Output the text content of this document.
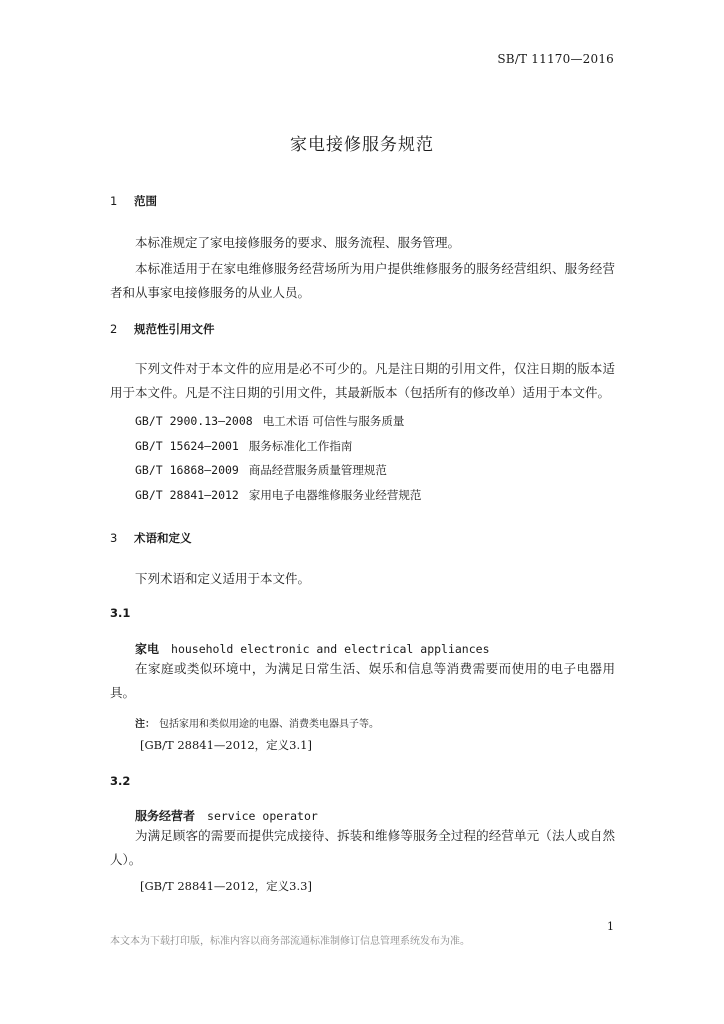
SB/T 11170—2016
家电接修服务规范
1 范围
本标准规定了家电接修服务的要求、服务流程、服务管理。
本标准适用于在家电维修服务经营场所为用户提供维修服务的服务经营组织、服务经营者和从事家电接修服务的从业人员。
2 规范性引用文件
下列文件对于本文件的应用是必不可少的。凡是注日期的引用文件，仅注日期的版本适用于本文件。凡是不注日期的引用文件，其最新版本（包括所有的修改单）适用于本文件。
GB/T 2900.13—2008 电工术语 可信性与服务质量
GB/T 15624—2001 服务标准化工作指南
GB/T 16868—2009 商品经营服务质量管理规范
GB/T 28841—2012 家用电子电器维修服务业经营规范
3 术语和定义
下列术语和定义适用于本文件。
3.1
家电 household electronic and electrical appliances
在家庭或类似环境中，为满足日常生活、娱乐和信息等消费需要而使用的电子电器用具。
注： 包括家用和类似用途的电器、消费类电器具子等。
[GB/T 28841—2012，定义3.1]
3.2
服务经营者 service operator
为满足顾客的需要而提供完成接待、拆装和维修等服务全过程的经营单元（法人或自然人）。
[GB/T 28841—2012，定义3.3]
1
本文本为下载打印版，标准内容以商务部流通标准制修订信息管理系统发布为准。
